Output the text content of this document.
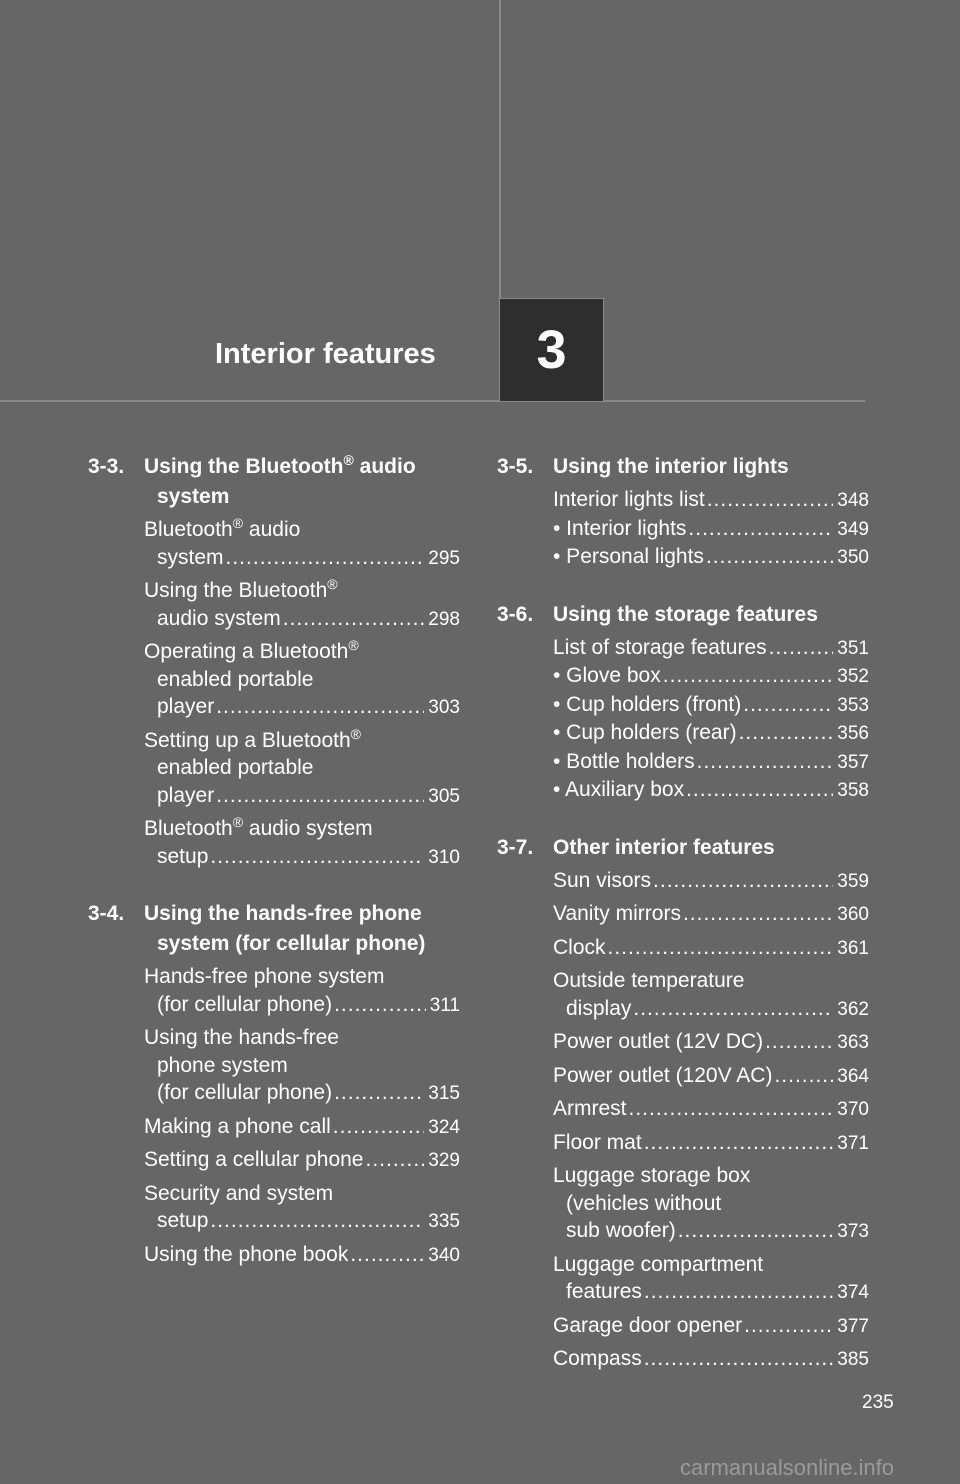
Interior features 3
3-3. Using the Bluetooth® audio
system
Bluetooth® audio
system .....	295
Using the Bluetooth®
audio system .....	298
Operating a Bluetooth®
enabled portable
player .....	303
Setting up a Bluetooth®
enabled portable
player .....	305
Bluetooth® audio system
setup .....	310
3-4. Using the hands-free phone
system (for cellular phone)
Hands-free phone system
(for cellular phone) .....	311
Using the hands-free
phone system
(for cellular phone) .....	315
Making a phone call .....	324
Setting a cellular phone .....	329
Security and system
setup .....	335
Using the phone book .....	340
3-5. Using the interior lights
Interior lights list .....	348
• Interior lights .....	349
• Personal lights .....	350
3-6. Using the storage features
List of storage features .....	351
• Glove box .....	352
• Cup holders (front) .....	353
• Cup holders (rear) .....	356
• Bottle holders .....	357
• Auxiliary box .....	358
3-7. Other interior features
Sun visors .....	359
Vanity mirrors .....	360
Clock .....	361
Outside temperature
display .....	362
Power outlet (12V DC) .....	363
Power outlet (120V AC) .....	364
Armrest .....	370
Floor mat .....	371
Luggage storage box
(vehicles without
sub woofer) .....	373
Luggage compartment
features .....	374
Garage door opener .....	377
Compass .....	385
235
carmanualsonline.info
